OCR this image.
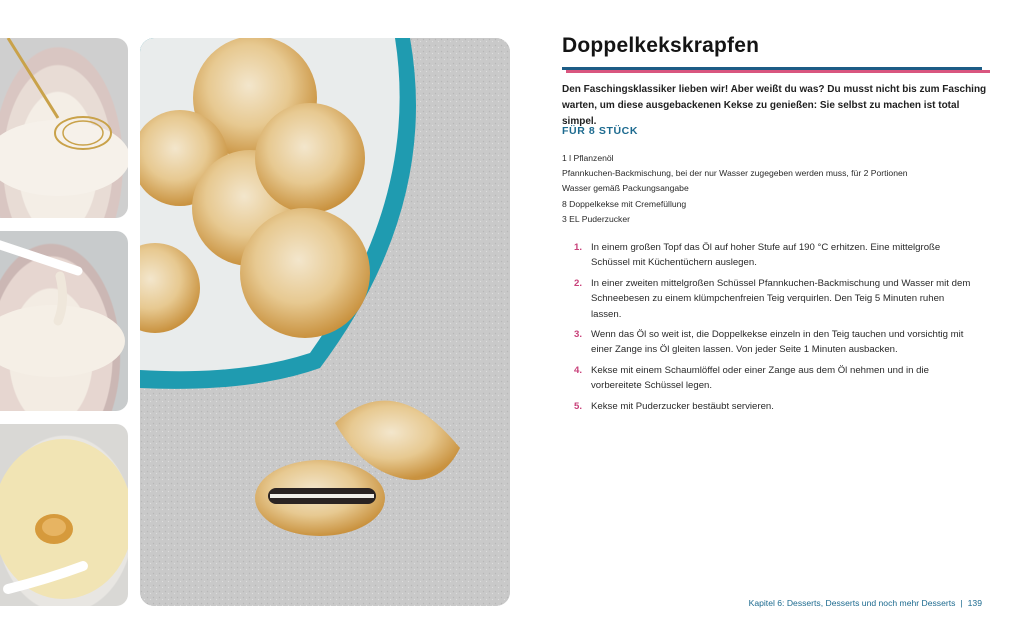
Doppelkekskrapfen

Den Faschingsklassiker lieben wir! Aber weißt du was? Du musst nicht bis zum Fasching warten, um diese ausgebackenen Kekse zu genießen: Sie selbst zu machen ist total simpel.

FÜR 8 STÜCK

1 l Pflanzenöl
Pfannkuchen-Backmischung, bei der nur Wasser zugegeben werden muss, für 2 Portionen
Wasser gemäß Packungsangabe
8 Doppelkekse mit Cremefüllung
3 EL Puderzucker
1. In einem großen Topf das Öl auf hoher Stufe auf 190 °C erhitzen. Eine mittelgroße Schüssel mit Küchentüchern auslegen.
2. In einer zweiten mittelgroßen Schüssel Pfannkuchen-Backmischung und Wasser mit dem Schneebesen zu einem klümpchenfreien Teig verquirlen. Den Teig 5 Minuten ruhen lassen.
3. Wenn das Öl so weit ist, die Doppelkekse einzeln in den Teig tauchen und vorsichtig mit einer Zange ins Öl gleiten lassen. Von jeder Seite 1 Minuten ausbacken.
4. Kekse mit einem Schaumlöffel oder einer Zange aus dem Öl nehmen und in die vorbereitete Schüssel legen.
5. Kekse mit Puderzucker bestäubt servieren.

Kapitel 6: Desserts, Desserts und noch mehr Desserts | 139
